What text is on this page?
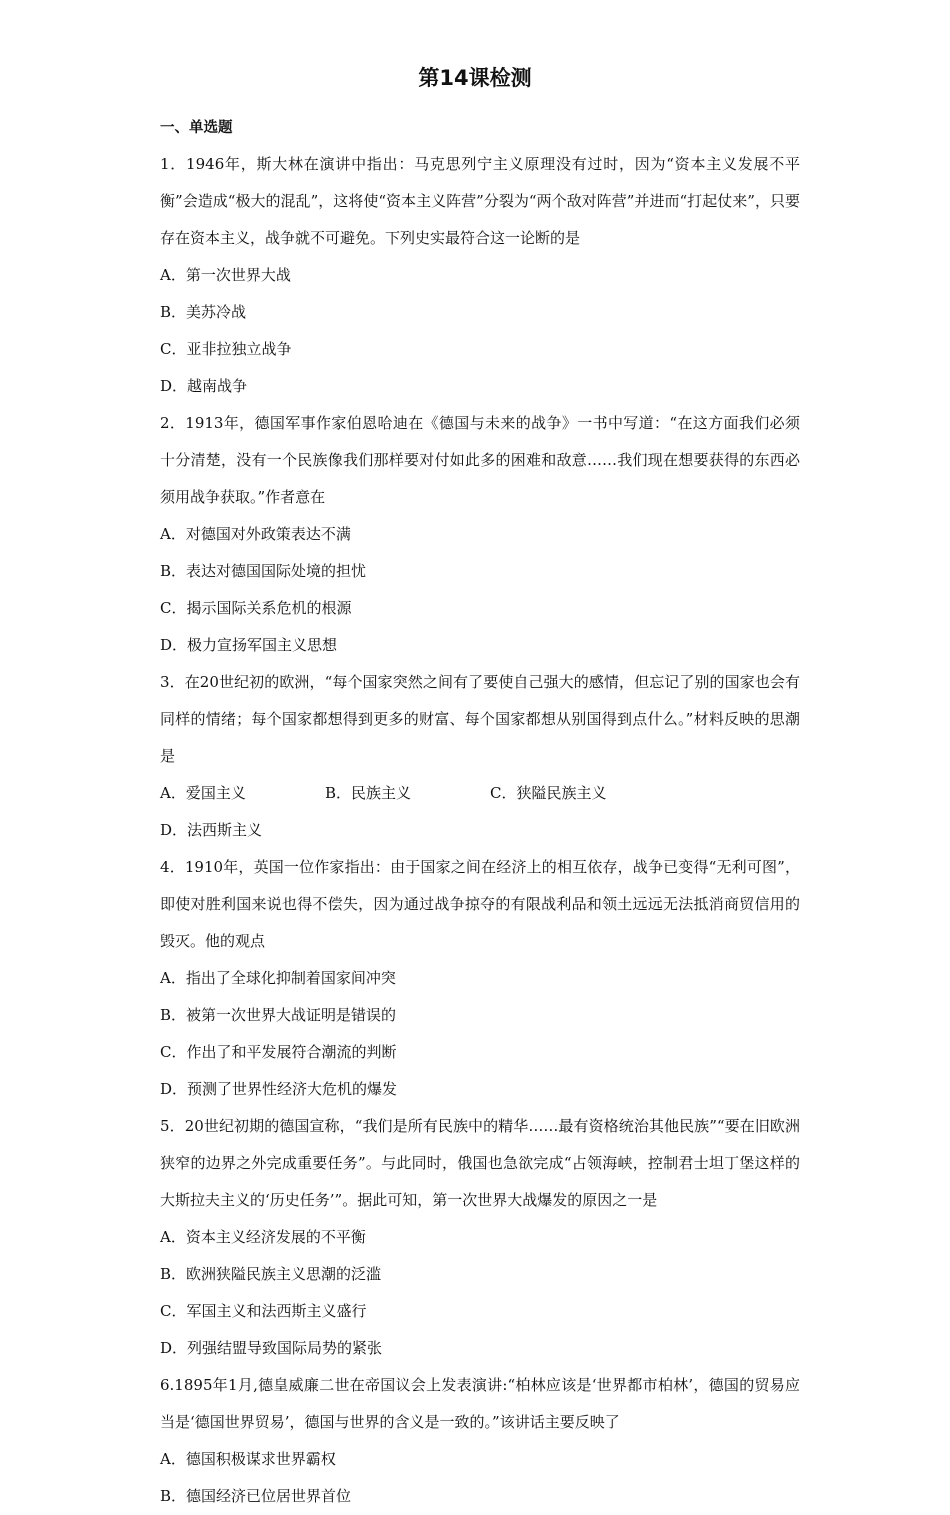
第14课检测
一、单选题

1．1946年，斯大林在演讲中指出：马克思列宁主义原理没有过时，因为“资本主义发展不平衡”会造成“极大的混乱”，这将使“资本主义阵营”分裂为“两个敌对阵营”并进而“打起仗来”，只要存在资本主义，战争就不可避免。下列史实最符合这一论断的是

A．第一次世界大战
B．美苏冷战
C．亚非拉独立战争
D．越南战争

2．1913年，德国军事作家伯恩哈迪在《德国与未来的战争》一书中写道：“在这方面我们必须十分清楚，没有一个民族像我们那样要对付如此多的困难和敌意……我们现在想要获得的东西必须用战争获取。”作者意在

A．对德国对外政策表达不满
B．表达对德国国际处境的担忧
C．揭示国际关系危机的根源
D．极力宣扬军国主义思想

3．在20世纪初的欧洲，“每个国家突然之间有了要使自己强大的感情，但忘记了别的国家也会有同样的情绪；每个国家都想得到更多的财富、每个国家都想从别国得到点什么。”材料反映的思潮是

A．爱国主义	B．民族主义	C．狭隘民族主义
D．法西斯主义

4．1910年，英国一位作家指出：由于国家之间在经济上的相互依存，战争已变得“无利可图”，即使对胜利国来说也得不偿失，因为通过战争掠夺的有限战利品和领土远远无法抵消商贸信用的毁灭。他的观点

A．指出了全球化抑制着国家间冲突
B．被第一次世界大战证明是错误的
C．作出了和平发展符合潮流的判断
D．预测了世界性经济大危机的爆发

5．20世纪初期的德国宣称，“我们是所有民族中的精华……最有资格统治其他民族”“要在旧欧洲狭窄的边界之外完成重要任务”。与此同时，俄国也急欲完成“占领海峡，控制君士坦丁堡这样的大斯拉夫主义的‘历史任务’”。据此可知，第一次世界大战爆发的原因之一是

A．资本主义经济发展的不平衡
B．欧洲狭隘民族主义思潮的泛滥
C．军国主义和法西斯主义盛行
D．列强结盟导致国际局势的紧张

6.1895年1月,德皇威廉二世在帝国议会上发表演讲:“柏林应该是‘世界都市柏林’，德国的贸易应当是‘德国世界贸易’，德国与世界的含义是一致的。”该讲话主要反映了

A．德国积极谋求世界霸权
B．德国经济已位居世界首位
